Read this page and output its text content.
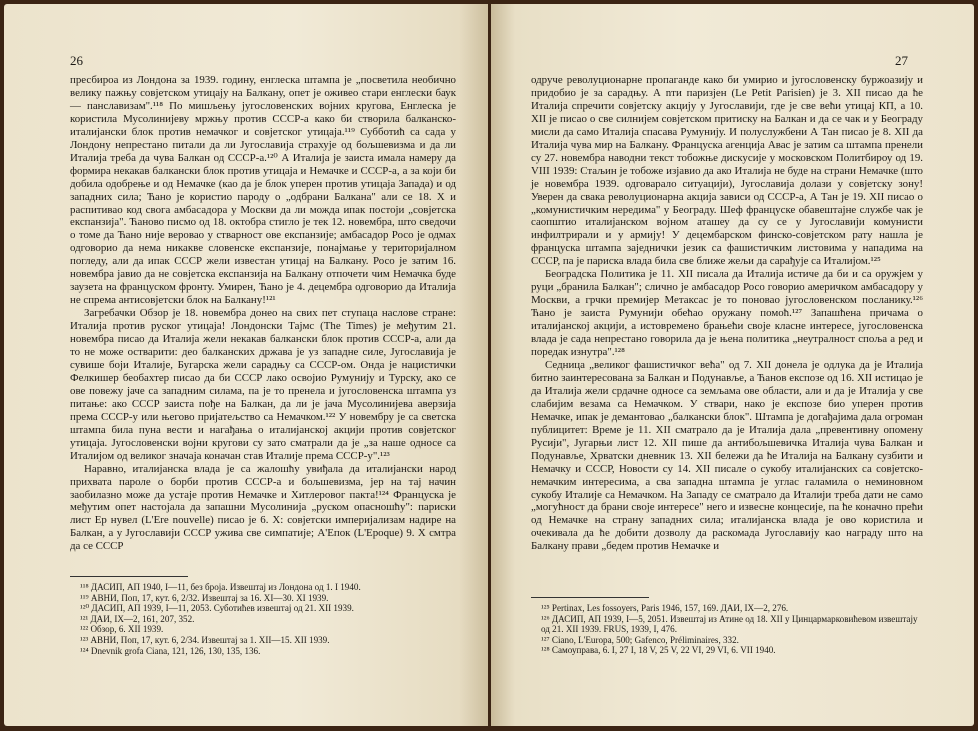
26

пресбироа из Лондона за 1939. годину, енглеска штампа је „посветила необично велику пажњу совјетском утицају на Балкану, опет је оживео стари енглески баук — панславизам".¹¹⁸ По мишљењу југословенских војних кругова, Енглеска је користила Мусолинијеву мржњу против СССР-а како би створила балканско-италијански блок против немачког и совјетског утицаја.¹¹⁹ Субботић са сада у Лондону непрестано питали да ли Југославија страхује од бољшевизма и да ли Италија треба да чува Балкан од СССР-а.¹²⁰ А Италија је заиста имала намеру да формира некакав балкански блок против утицаја и Немачке и СССР-а, а за који би добила одобрење и од Немачке (као да је блок уперен против утицаја Запада) и од западних сила; Ћано је користио пароду о „одбрани Балкана" али се 18. X и распитивао код свога амбасадора у Москви да ли можда ипак постоји „совјетска експанзија". Ћаново писмо од 18. октобра стигло је тек 12. новембра, што сведочи о томе да Ћано није веровао у стварност ове експанзије; амбасадор Росо је одмах одговорио да нема никакве словенске експанзије, понајмање у територијалном погледу, али да ипак СССР жели известан утицај на Балкану. Росо је затим 16. новембра јавио да не совјетска експанзија на Балкану отпочети чим Немачка буде заузета на француском фронту. Умирен, Ћано је 4. децембра одговорио да Италија не спрема антисовјетски блок на Балкану!¹²¹

Загребачки Обзор је 18. новембра донео на свих пет ступаца наслове стране: Италија против руског утицаја! Лондонски Тајмс (The Times) је међутим 21. новембра писао да Италија жели некакав балкански блок против СССР-а, али да то не може остварити: део балканских држава је уз западне силе, Југославија је сувише боји Италије, Бугарска жели сарадњу са СССР-ом. Онда је нацистички Фелкишер беобахтер писао да би СССР лако освојио Румунију и Турску, ако се ове повежу јаче са западним силама, па је то пренела и југословенска штампа уз питање: ако СССР заиста пође на Балкан, да ли је јача Мусолинијева аверзија према СССР-у или његово пријатељство са Немачком.¹²² У новембру је са светска штампа била пуна вести и нагађања о италијанској акцији против совјетског утицаја. Југословенски војни кругови су зато сматрали да је „за наше односе са Италијом од великог значаја коначан став Италије према СССР-у".¹²³

Наравно, италијанска влада је са жалошћу увиђала да италијански народ прихвата пароле о борби против СССР-а и бољшевизма, јер на тај начин заобилазно може да устаје против Немачке и Хитлеровог пакта!¹²⁴ Француска је међутим опет настојала да запашни Мусолинија „руском опасношћу": париски лист Ер нувел (L'Ere nouvelle) писао је 6. Х: совјетски империјализам надире на Балкан, а у Југославији СССР ужива све симпатије; А'Епок (L'Epoque) 9. Х смтра да се СССР

¹¹⁸ ДАСИП, АП 1940, I—11, без броја. Извештај из Лондона од 1. I 1940.

¹¹⁹ АВНИ, Поп, 17, кут. 6, 2/32. Извештај за 16. XI—30. XI 1939.

¹²⁰ ДАСИП, АП 1939, I—11, 2053. Суботићев извештај од 21. XII 1939.

¹²¹ ДАИ, IX—2, 161, 207, 352.

¹²² Обзор, 6. XII 1939.

¹²³ АВНИ, Поп, 17, кут. 6, 2/34. Извештај за 1. XII—15. XII 1939.

¹²⁴ Dnevnik grofa Ciana, 121, 126, 130, 135, 136.

27

одруче револуционарне пропаганде како би умирио и југословенску буржоазију и придобио је за сарадњу. А nти паризјен (Le Petit Parisien) је 3. XII писао да ће Италија спречити совјетску акцију у Југославији, где је све већи утицај КП, а 10. XII је писао о све силнијем совјетском притиску на Балкан и да се чак и у Београду мисли да само Италија спасава Румунију. И полуслужбени А Тан писао је 8. XII да Италија чува мир на Балкану. Француска агенција Авас је затим са штампа пренели су 27. новембра наводни текст тобожње дискусије у московском Политбироу од 19. VIII 1939: Стаљин је тобоже изјавио да ако Италија не буде на страни Немачке (што је новембра 1939. одговарало ситуацији), Југославија долази у совјетску зону! Уверен да свака револуционарна акција зависи од СССР-а, А Тан је 19. XII писао о „комунистичким нередима" у Београду. Шеф француске обавештајне службе чак је саопштио италијанском војном аташеу да су се у Југославији комунисти инфилтрирали и у армију! У децембарском финско-совјетском рату нашла је француска штампа заједнички језик са фашистичким листовима у нападима на СССР, па је париска влада била све ближе жељи да сарађује са Италијом.¹²⁵

Београдска Политика је 11. XII писала да Италија истиче да би и са оружјем у руци „бранила Балкан"; слично је амбасадор Росо говорио америчком амбасадору у Москви, а грчки премијер Метаксас је то поновао југословенском посланику.¹²⁶ Ћано је заиста Румунији обећао оружану помоћ.¹²⁷ Запашћена причама о италијанској акцији, а истовремено брањећи своје класне интересе, југословенска влада је сада непрестано говорила да је њена политика „неутралност споља а ред и поредак изнутра".¹²⁸

Седница „великог фашистичког већа" од 7. XII донела је одлука да је Италија битно заинтересована за Балкан и Подунавље, а Ћанов експозе од 16. XII истицао је да Италија жели срдачне односе са земљама ове области, али и да је Италија у све слабијим везама са Немачком. У ствари, нако је експозе био уперен против Немачке, ипак је демантовао „балкански блок". Штампа је догађајима дала огроман публицитет: Време је 11. XII сматрало да је Италија дала „превентивну опомену Русији", Југарњи лист 12. XII пише да антибољшевичка Италија чува Балкан и Подунавље, Хрватски дневник 13. XII бележи да ће Италија на Балкану сузбити и Немачку и СССР, Новости су 14. XII писале о сукобу италијанских са совјетско-немачким интересима, а сва западна штампа је углас галамила о неминовном сукобу Италије са Немачком. На Западу се сматрало да Италији треба дати не само „могућност да брани своје интересе" него и извесне концесије, па ће коначно прећи од Немачке на страну западних сила; италијанска влада је ово користила и очекивала да ће добити дозволу да раскомада Југославију као награду што на Балкану прави „бедем против Немачке и

¹²⁵ Pertinax, Les fossoyers, Paris 1946, 157, 169. ДАИ, IX—2, 276.

¹²⁶ ДАСИП, АП 1939, I—5, 2051. Извештај из Атине од 18. XII у Цинцармарковићевом извештају од 21. XII 1939. FRUS, 1939, I, 476.

¹²⁷ Ciano, L'Europa, 500; Gafenco, Préliminaires, 332.

¹²⁸ Самоуправа, 6. I, 27 I, 18 V, 25 V, 22 VI, 29 VI, 6. VII 1940.
